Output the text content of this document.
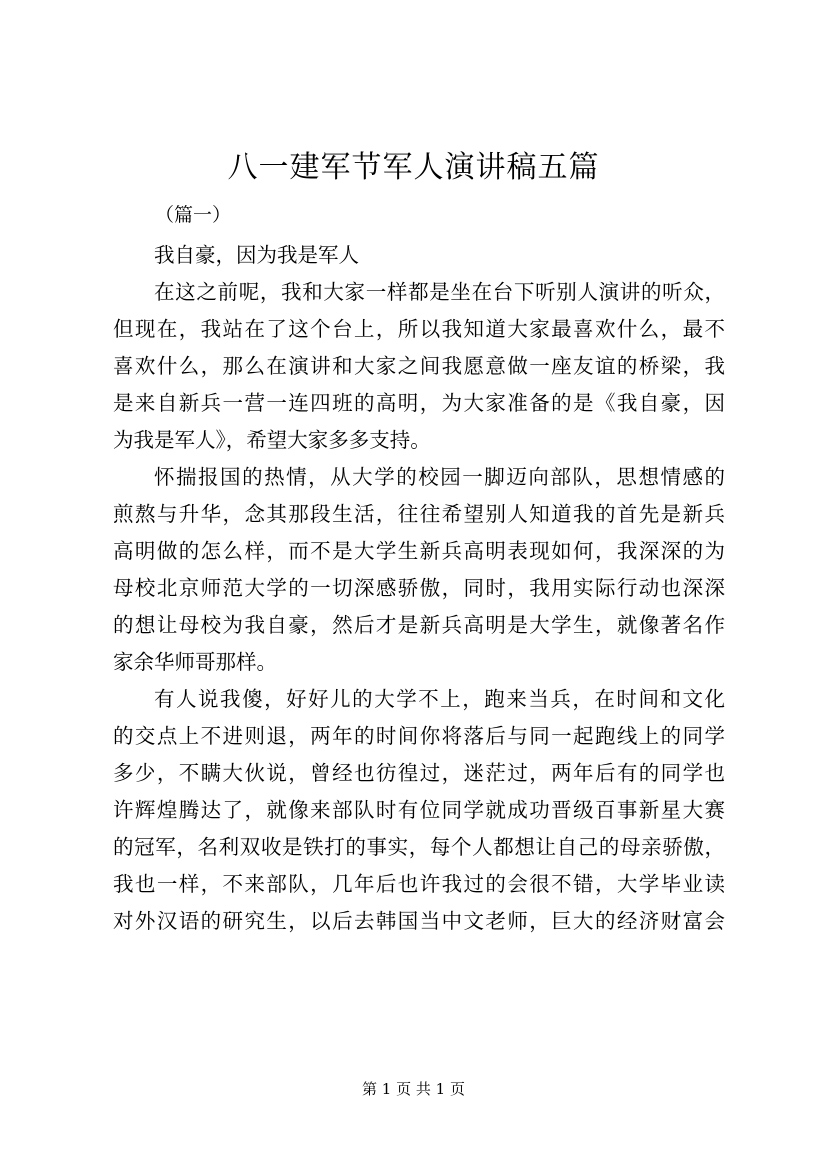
八一建军节军人演讲稿五篇

（篇一）

我自豪，因为我是军人
在这之前呢，我和大家一样都是坐在台下听别人演讲的听众，
但现在，我站在了这个台上，所以我知道大家最喜欢什么，最不
喜欢什么，那么在演讲和大家之间我愿意做一座友谊的桥梁，我
是来自新兵一营一连四班的高明，为大家准备的是《我自豪，因
为我是军人》，希望大家多多支持。
怀揣报国的热情，从大学的校园一脚迈向部队，思想情感的
煎熬与升华，念其那段生活，往往希望别人知道我的首先是新兵
高明做的怎么样，而不是大学生新兵高明表现如何，我深深的为
母校北京师范大学的一切深感骄傲，同时，我用实际行动也深深
的想让母校为我自豪，然后才是新兵高明是大学生，就像著名作
家余华师哥那样。
有人说我傻，好好儿的大学不上，跑来当兵，在时间和文化
的交点上不进则退，两年的时间你将落后与同一起跑线上的同学
多少，不瞒大伙说，曾经也彷徨过，迷茫过，两年后有的同学也
许辉煌腾达了，就像来部队时有位同学就成功晋级百事新星大赛
的冠军，名利双收是铁打的事实，每个人都想让自己的母亲骄傲，
我也一样，不来部队，几年后也许我过的会很不错，大学毕业读
对外汉语的研究生，以后去韩国当中文老师，巨大的经济财富会
第 1 页 共 1 页
